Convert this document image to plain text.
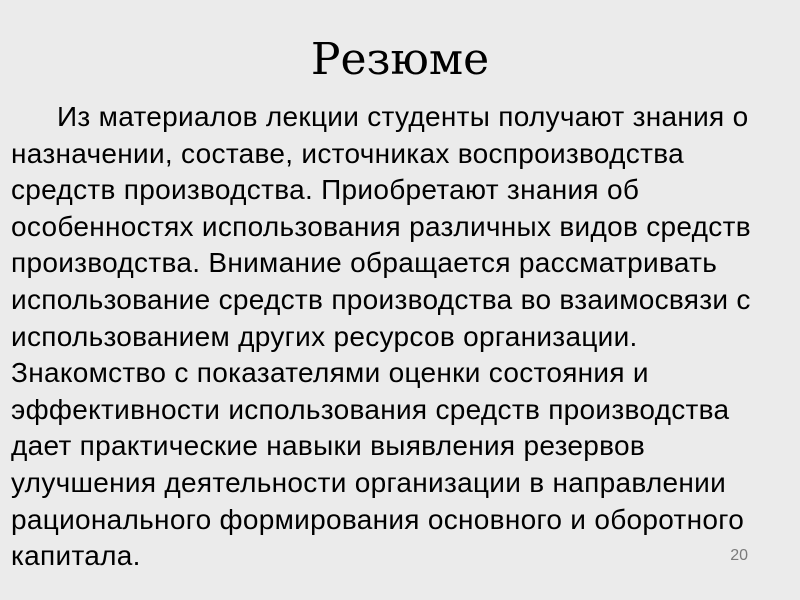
Резюме

Из материалов лекции студенты получают знания о назначении, составе, источниках воспроизводства средств производства. Приобретают знания об особенностях использования различных видов средств производства. Внимание обращается рассматривать использование средств производства во взаимосвязи с использованием других ресурсов организации. Знакомство с показателями оценки состояния и эффективности использования средств производства дает практические навыки выявления резервов улучшения деятельности организации в направлении рационального формирования основного и оборотного капитала.	20
